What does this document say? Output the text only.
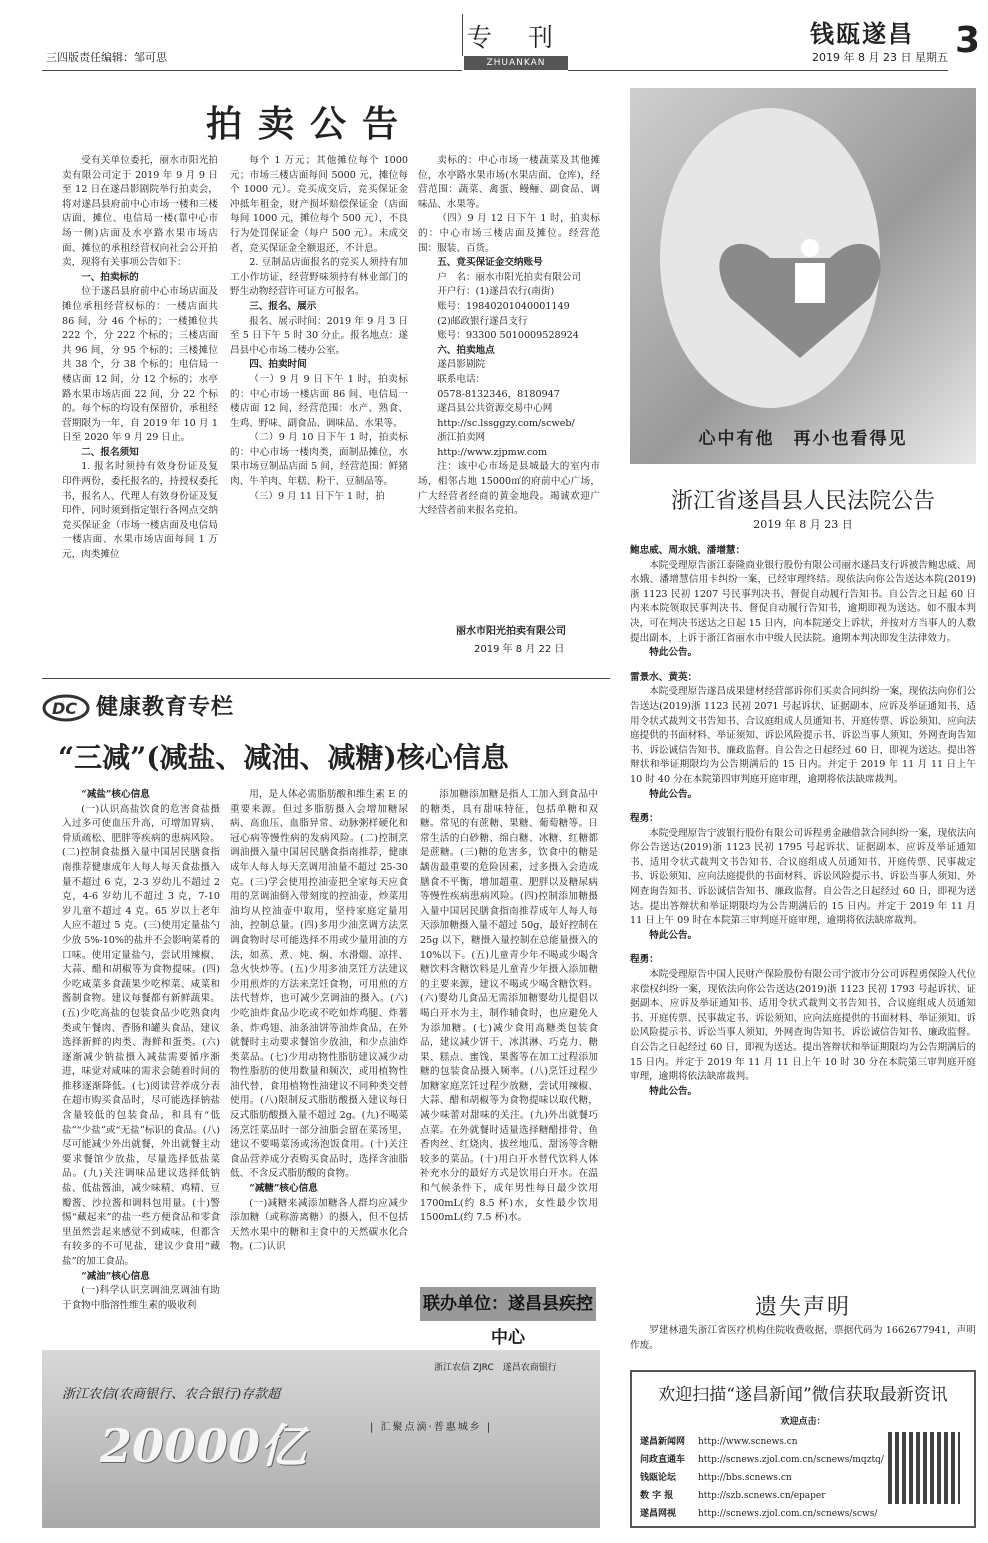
三四版责任编辑：邹可思
专 刊
ZHUANKAN
钱瓯遂昌 3
2019 年 8 月 23 日 星期五
拍卖公告
受有关单位委托，丽水市阳光拍卖有限公司定于 2019 年 9 月 9 日至 12 日在遂昌影剧院举行拍卖会，将对遂昌县府前中心市场一楼和三楼店面、摊位、电信局一楼(靠中心市场一侧)店面及水亭路水果市场店面、摊位的承租经营权向社会公开拍卖，现将有关事项公告如下：
一、拍卖标的
位于遂昌县府前中心市场店面及摊位承租经营权标的：一楼店面共 86 间，分 46 个标的；一楼摊位共 222 个，分 222 个标的；三楼店面共 96 间，分 95 个标的；三楼摊位共 38 个，分 38 个标的；电信局一楼店面 12 间，分 12 个标的；水亭路水果市场店面 22 间，分 22 个标的。每个标的均设有保留价，承租经营期限为一年，自 2019 年 10 月 1 日至 2020 年 9 月 29 日止。
二、报名须知
1. 报名时须持有效身份证及复印件两份，委托报名的，持授权委托书，报名人、代理人有效身份证及复印件，同时须到指定银行各网点交纳竞买保证金（市场一楼店面及电信局一楼店面、水果市场店面每间 1 万元，肉类摊位
每个 1 万元；其他摊位每个 1000 元；市场三楼店面每间 5000 元，摊位每个 1000 元）。竞买成交后，竞买保证金冲抵年租金，财产损坏赔偿保证金（店面每间 1000 元，摊位每个 500 元），不良行为处罚保证金（每户 500 元）。未成交者，竞买保证金全额退还，不计息。
2. 豆制品店面报名的竞买人须持有加工小作坊证，经营野味须持有林业部门的野生动物经营许可证方可报名。
三、报名、展示
报名、展示时间：2019 年 9 月 3 日至 5 日下午 5 时 30 分止。报名地点：遂昌县中心市场二楼办公室。
四、拍卖时间
（一）9 月 9 日下午 1 时，拍卖标的：中心市场一楼店面 86 间、电信局一楼店面 12 间，经营范围：水产、熟食、生鸡、野味、副食品、调味品、水果等。
（二）9 月 10 日下午 1 时，拍卖标的：中心市场一楼肉类，面制品摊位，水果市场豆制品店面 5 间，经营范围：鲜猪肉、牛羊肉、年糕、粉干、豆制品等。
（三）9 月 11 日下午 1 时，拍
卖标的：中心市场一楼蔬菜及其他摊位，水亭路水果市场(水果店面、仓库)，经营范围：蔬菜、禽蛋、鳗鲡、副食品、调味品、水果等。
（四）9 月 12 日下午 1 时，拍卖标的：中心市场三楼店面及摊位。经营范围：服装、百货。
五、竞买保证金交纳账号
户　名：丽水市阳光拍卖有限公司
开户行：(1)遂昌农行(南街)
账号：19840201040001149
(2)邮政银行遂昌支行
账号：93300 5010009528924
六、拍卖地点
遂昌影剧院
联系电话：
0578-8132346，8180947
遂昌县公共资源交易中心网
http://sc.lssggzy.com/scweb/
浙江拍卖网
http://www.zjpmw.com
注：该中心市场是县城最大的室内市场，相邻占地 15000㎡的府前中心广场，广大经营者经商的黄金地段。竭诚欢迎广大经营者前来报名竞拍。
丽水市阳光拍卖有限公司
2019 年 8 月 22 日
DC 健康教育专栏
“三减”(减盐、减油、减糖)核心信息
“减盐”核心信息
(一)认识高盐饮食的危害食盐摄入过多可使血压升高，可增加胃病、骨质疏松、肥胖等疾病的患病风险。(二)控制食盐摄入量中国居民膳食指南推荐健康成年人每人每天食盐摄入量不超过 6 克，2-3 岁幼儿不超过 2 克，4-6 岁幼儿不超过 3 克，7-10 岁儿童不超过 4 克。65 岁以上老年人应不超过 5 克。(三)使用定量盐勺少放 5%-10%的盐并不会影响菜肴的口味。使用定量盐勺，尝试用辣椒、大蒜、醋和胡椒等为食物提味。(四)少吃咸菜多食蔬果少吃榨菜、咸菜和酱制食物。建议每餐都有新鲜蔬果。(五)少吃高盐的包装食品少吃熟食肉类或午餐肉、香肠和罐头食品，建议选择新鲜的肉类、海鲜和蛋类。(六)逐渐减少钠盐摄入减盐需要循序渐进，味觉对咸味的需求会随着时间的推移逐渐降低。(七)阅读营养成分表在超市购买食品时，尽可能选择钠盐含量较低的包装食品，和具有“低盐”“少盐”或“无盐”标识的食品。(八)尽可能减少外出就餐，外出就餐主动要求餐馆少放盐，尽量选择低盐菜品。(九)关注调味品建议选择低钠盐、低盐酱油，减少味精、鸡精、豆瓣酱、沙拉酱和调料包用量。(十)警惕“藏起来”的盐一些方便食品和零食里虽然尝起来感觉不到咸味，但都含有较多的不可见盐，建议少食用“藏盐”的加工食品。
“减油”核心信息
(一)科学认识烹调油烹调油有助于食物中脂溶性维生素的吸收利
用，是人体必需脂肪酸和维生素 E 的重要来源。但过多脂肪摄入会增加糖尿病、高血压、血脂异常、动脉粥样硬化和冠心病等慢性病的发病风险。(二)控制烹调油摄入量中国居民膳食指南推荐，健康成年人每人每天烹调用油量不超过 25-30 克。(三)学会使用控油壶把全家每天应食用的烹调油倒入带刻度的控油壶，炒菜用油均从控油壶中取用，坚持家庭定量用油，控制总量。(四)多用少油烹调方法烹调食物时尽可能选择不用或少量用油的方法，如蒸、煮、炖、焖、水滑熘、凉拌、急火快炒等。(五)少用多油烹饪方法建议少用煎炸的方法来烹饪食物，可用煎的方法代替炸，也可减少烹调油的摄入。(六)少吃油炸食品少吃或不吃如炸鸡腿、炸薯条、炸鸡翅、油条油饼等油炸食品，在外就餐时主动要求餐馆少放油，和少点油炸类菜品。(七)少用动物性脂肪建议减少动物性脂肪的使用数量和频次，或用植物性油代替，食用植物性油建议不同种类交替使用。(八)限制反式脂肪酸摄入建议每日反式脂肪酸摄入量不超过 2g。(九)不喝菜汤烹饪菜品时一部分油脂会留在菜汤里，建议不要喝菜汤或汤泡饭食用。(十)关注食品营养成分表购买食品时，选择含油脂低、不含反式脂肪酸的食物。
“减糖”核心信息
(一)减糖来减添加糖各人群均应减少添加糖（或称游离糖）的摄入，但不包括天然水果中的糖和主食中的天然碳水化合物。(二)认识
添加糖添加糖是指人工加入到食品中的糖类，具有甜味特征，包括单糖和双糖。常见的有蔗糖、果糖、葡萄糖等。日常生活的白砂糖、绵白糖、冰糖、红糖都是蔗糖。(三)糖的危害多，饮食中的糖是龋齿最重要的危险因素，过多摄入会造成膳食不平衡，增加超重、肥胖以及糖尿病等慢性疾病患病风险。(四)控制添加糖摄入量中国居民膳食指南推荐成年人每人每天添加糖摄入量不超过 50g，最好控制在 25g 以下，糖摄入量控制在总能量摄入的 10%以下。(五)儿童青少年不喝或少喝含糖饮料含糖饮料是儿童青少年摄入添加糖的主要来源，建议不喝或少喝含糖饮料。(六)婴幼儿食品无需添加糖婴幼儿提倡以喝白开水为主，制作辅食时，也应避免人为添加糖。(七)减少食用高糖类包装食品，建议减少饼干、冰淇淋、巧克力、糖果、糕点、蜜饯、果酱等在加工过程添加糖的包装食品摄入频率。(八)烹饪过程少加糖家庭烹饪过程少放糖，尝试用辣椒、大蒜、醋和胡椒等为食物提味以取代糖，减少味蕾对甜味的关注。(九)外出就餐巧点菜。在外就餐时适量选择糖醋排骨、鱼香肉丝、红烧肉、拔丝地瓜、甜汤等含糖较多的菜品。(十)用白开水替代饮料人体补充水分的最好方式是饮用白开水。在温和气候条件下，成年男性每日最少饮用 1700mL(约 8.5 杯)水，女性最少饮用 1500mL(约 7.5 杯)水。
联办单位：遂昌县疾控中心
浙江农信(农商银行、农合银行)存款超
20000亿	| 汇聚点滴·普惠城乡 |
浙江农信 ZJRC　遂昌农商银行
心中有他　再小也看得见
浙江省遂昌县人民法院公告
2019 年 8 月 23 日
鲍忠威、周水娥、潘增慧：
本院受理原告浙江泰隆商业银行股份有限公司丽水遂昌支行诉被告鲍忠威、周水娥、潘增慧信用卡纠纷一案，已经审理终结。现依法向你公告送达本院(2019)浙 1123 民初 1207 号民事判决书、督促自动履行告知书。自公告之日起 60 日内来本院领取民事判决书、督促自动履行告知书，逾期即视为送达。如不服本判决，可在判决书送达之日起 15 日内，向本院递交上诉状，并按对方当事人的人数提出副本，上诉于浙江省丽水市中级人民法院。逾期本判决即发生法律效力。
特此公告。
雷景水、黄英：
本院受理原告遂昌成果建材经营部诉你们买卖合同纠纷一案，现依法向你们公告送达(2019)浙 1123 民初 2071 号起诉状、证据副本、应诉及举证通知书、适用令状式裁判文书告知书、合议庭组成人员通知书、开庭传票、诉讼须知、应向法庭提供的书面材料、举证须知、诉讼风险提示书、诉讼当事人须知、外网查询告知书、诉讼诚信告知书、廉政监督。自公告之日起经过 60 日，即视为送达。提出答辩状和举证期限均为公告期满后的 15 日内。并定于 2019 年 11 月 11 日上午 10 时 40 分在本院第四审判庭开庭审理，逾期将依法缺席裁判。
特此公告。
程勇：
本院受理原告宁波银行股份有限公司诉程勇金融借款合同纠纷一案，现依法向你公告送达(2019)浙 1123 民初 1795 号起诉状、证据副本、应诉及举证通知书、适用令状式裁判文书告知书、合议庭组成人员通知书、开庭传票、民事裁定书、诉讼须知、应向法庭提供的书面材料、诉讼风险提示书、诉讼当事人须知、外网查询告知书、诉讼诚信告知书、廉政监督。自公告之日起经过 60 日，即视为送达。提出答辩状和举证期限均为公告期满后的 15 日内。并定于 2019 年 11 月 11 日上午 09 时在本院第三审判庭开庭审理，逾期将依法缺席裁判。
特此公告。
程勇：
本院受理原告中国人民财产保险股份有限公司宁波市分公司诉程勇保险人代位求偿权纠纷一案，现依法向你公告送达(2019)浙 1123 民初 1793 号起诉状、证据副本、应诉及举证通知书、适用令状式裁判文书告知书、合议庭组成人员通知书、开庭传票、民事裁定书、诉讼须知、应向法庭提供的书面材料、举证须知、诉讼风险提示书、诉讼当事人须知、外网查询告知书、诉讼诚信告知书、廉政监督。自公告之日起经过 60 日，即视为送达。提出答辩状和举证期限均为公告期满后的 15 日内。并定于 2019 年 11 月 11 日上午 10 时 30 分在本院第三审判庭开庭审理，逾期将依法缺席裁判。
特此公告。
遗失声明
罗建林遗失浙江省医疗机构住院收费收据，票据代码为 1662677941，声明作废。
欢迎扫描“遂昌新闻”微信获取最新资讯
欢迎点击：
遂昌新闻网 http://www.scnews.cn
问政直通车 http://scnews.zjol.com.cn/scnews/mqztq/
钱瓯论坛 http://bbs.scnews.cn
数 字 报	http://szb.scnews.cn/epaper
遂昌网视 http://scnews.zjol.com.cn/scnews/scws/
